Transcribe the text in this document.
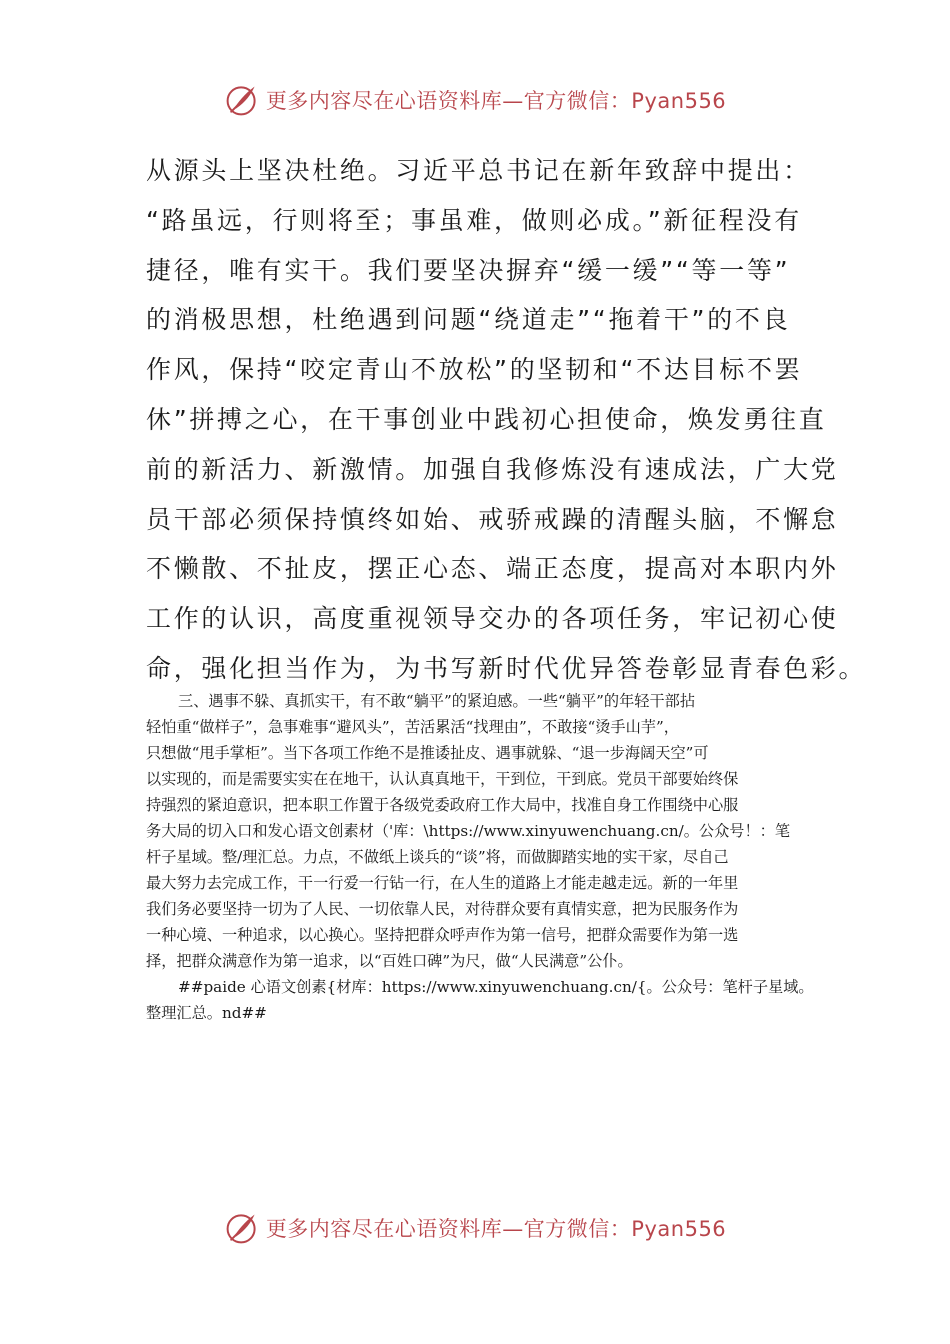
更多内容尽在心语资料库—官方微信：Pyan556
从源头上坚决杜绝。习近平总书记在新年致辞中提出：
“路虽远，行则将至；事虽难，做则必成。”新征程没有
捷径，唯有实干。我们要坚决摒弃“缓一缓”“等一等”
的消极思想，杜绝遇到问题“绕道走”“拖着干”的不良
作风，保持“咬定青山不放松”的坚韧和“不达目标不罢
休”拼搏之心，在干事创业中践初心担使命，焕发勇往直
前的新活力、新激情。加强自我修炼没有速成法，广大党
员干部必须保持慎终如始、戒骄戒躁的清醒头脑，不懈怠
不懒散、不扯皮，摆正心态、端正态度，提高对本职内外
工作的认识，高度重视领导交办的各项任务，牢记初心使
命，强化担当作为，为书写新时代优异答卷彰显青春色彩。
三、遇事不躲、真抓实干，有不敢“躺平”的紧迫感。一些“躺平”的年轻干部拈
轻怕重“做样子”，急事难事“避风头”，苦活累活“找理由”，不敢接“烫手山芋”，
只想做“甩手掌柜”。当下各项工作绝不是推诿扯皮、遇事就躲、“退一步海阔天空”可
以实现的，而是需要实实在在地干，认认真真地干，干到位，干到底。党员干部要始终保
持强烈的紧迫意识，把本职工作置于各级党委政府工作大局中，找准自身工作围绕中心服
务大局的切入口和发心语文创素材（'库：\https://www.xinyuwenchuang.cn/。公众号！：笔
杆子星域。整/理汇总。力点，不做纸上谈兵的“谈”将，而做脚踏实地的实干家，尽自己
最大努力去完成工作，干一行爱一行钻一行，在人生的道路上才能走越走远。新的一年里
我们务必要坚持一切为了人民、一切依靠人民，对待群众要有真情实意，把为民服务作为
一种心境、一种追求，以心换心。坚持把群众呼声作为第一信号，把群众需要作为第一选
择，把群众满意作为第一追求，以“百姓口碑”为尺，做“人民满意”公仆。
##paide 心语文创素{材库：https://www.xinyuwenchuang.cn/{。公众号：笔杆子星域。
整理汇总。nd##
更多内容尽在心语资料库—官方微信：Pyan556
